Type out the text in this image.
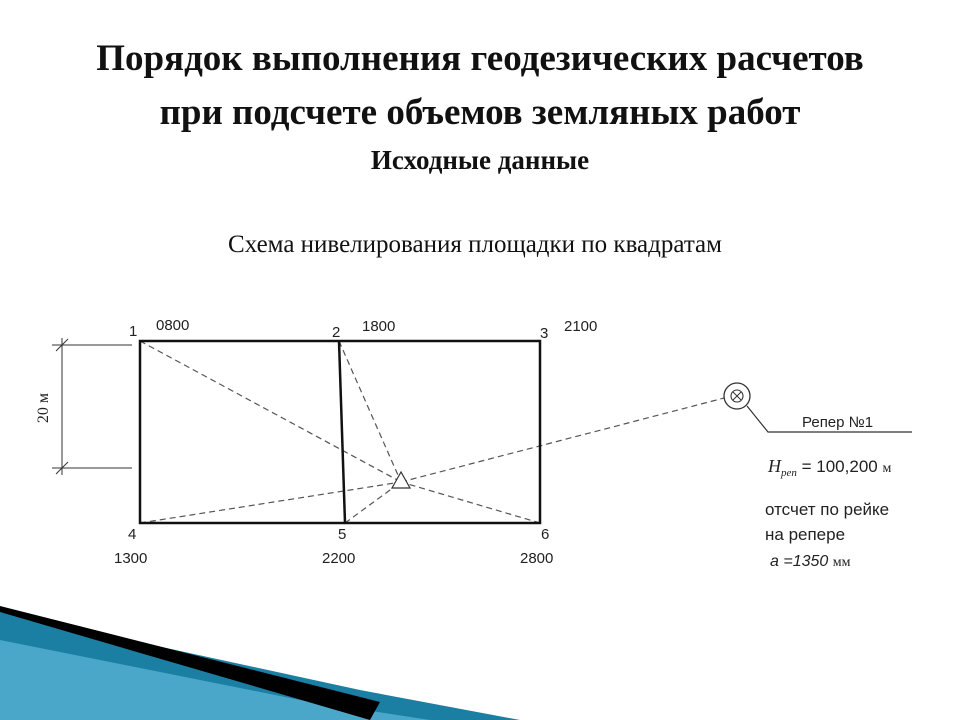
Порядок выполнения геодезических расчетов
при подсчете объемов земляных работ
Исходные данные
Схема нивелирования площадки по квадратам
20 м
1	2	3
4	5	6
0800	1800	2100
1300	2200	2800
Репер №1
$H_{реп} = 100,200$ м
отсчет по рейке
на репере
a =1350 мм
